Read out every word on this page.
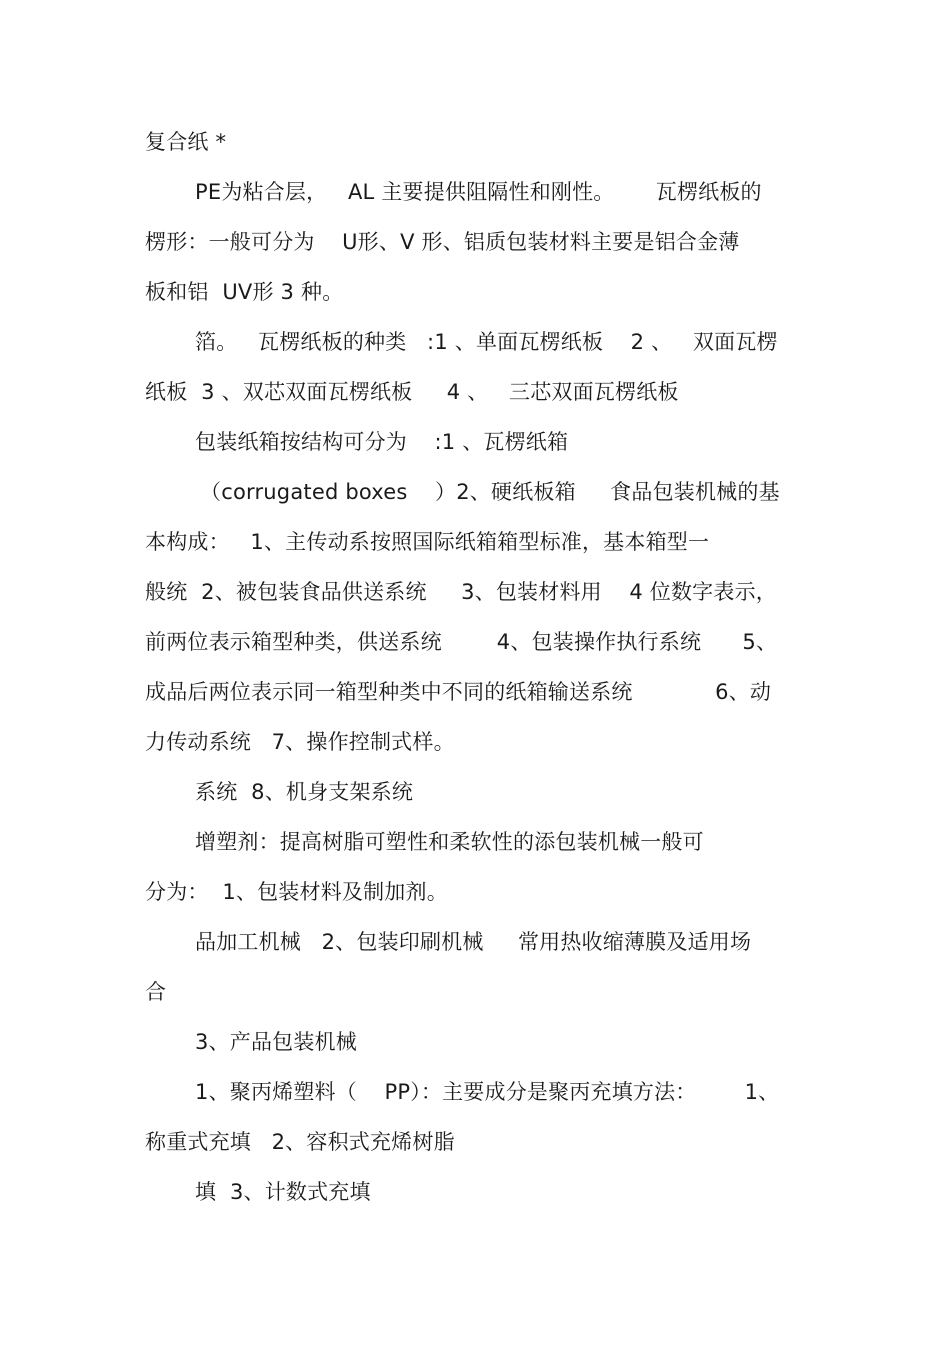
复合纸 *
PE为粘合层，   AL 主要提供阻隔性和刚性。      瓦楞纸板的
楞形：一般可分为    U形、V 形、铝质包装材料主要是铝合金薄
板和铝  UV形 3 种。
箔。   瓦楞纸板的种类   :1 、单面瓦楞纸板    2 、   双面瓦楞
纸板  3 、双芯双面瓦楞纸板     4 、   三芯双面瓦楞纸板
包装纸箱按结构可分为    :1 、瓦楞纸箱
（corrugated boxes    ）2、硬纸板箱     食品包装机械的基
本构成：   1、主传动系按照国际纸箱箱型标准，基本箱型一
般统  2、被包装食品供送系统     3、包装材料用    4 位数字表示，
前两位表示箱型种类，供送系统        4、包装操作执行系统      5、
成品后两位表示同一箱型种类中不同的纸箱输送系统            6、动
力传动系统   7、操作控制式样。
系统  8、机身支架系统
增塑剂：提高树脂可塑性和柔软性的添包装机械一般可
分为：  1、包装材料及制加剂。
品加工机械   2、包装印刷机械     常用热收缩薄膜及适用场
合
3、产品包装机械
1、聚丙烯塑料（    PP）：主要成分是聚丙充填方法：       1、
称重式充填   2、容积式充烯树脂
填  3、计数式充填
